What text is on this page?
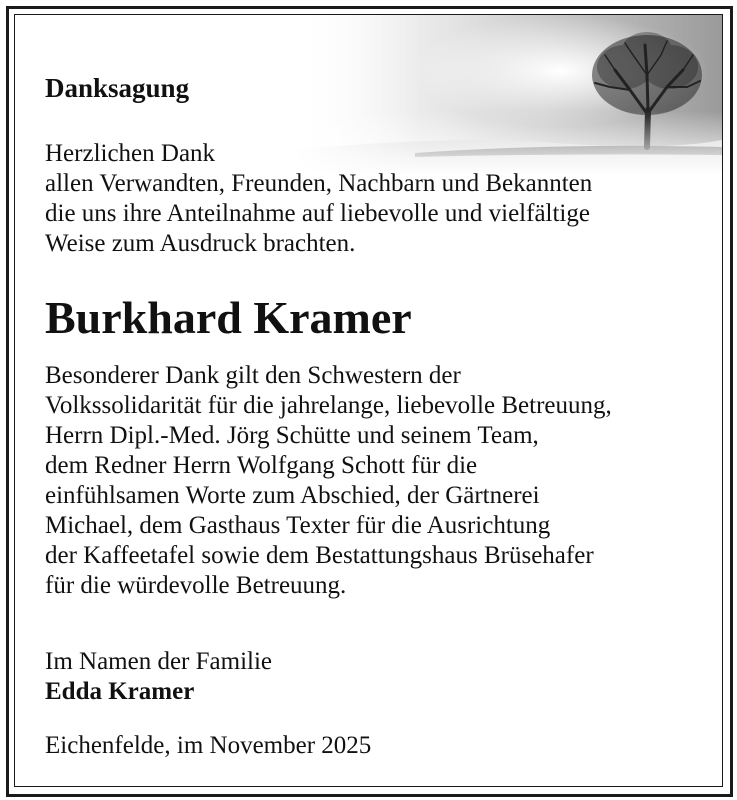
Danksagung
Herzlichen Dank
allen Verwandten, Freunden, Nachbarn und Bekannten
die uns ihre Anteilnahme auf liebevolle und vielfältige
Weise zum Ausdruck brachten.
Burkhard Kramer
Besonderer Dank gilt den Schwestern der
Volkssolidarität für die jahrelange, liebevolle Betreuung,
Herrn Dipl.-Med. Jörg Schütte und seinem Team,
dem Redner Herrn Wolfgang Schott für die
einfühlsamen Worte zum Abschied, der Gärtnerei
Michael, dem Gasthaus Texter für die Ausrichtung
der Kaffeetafel sowie dem Bestattungshaus Brüsehafer
für die würdevolle Betreuung.
Im Namen der Familie
Edda Kramer
Eichenfelde, im November 2025
